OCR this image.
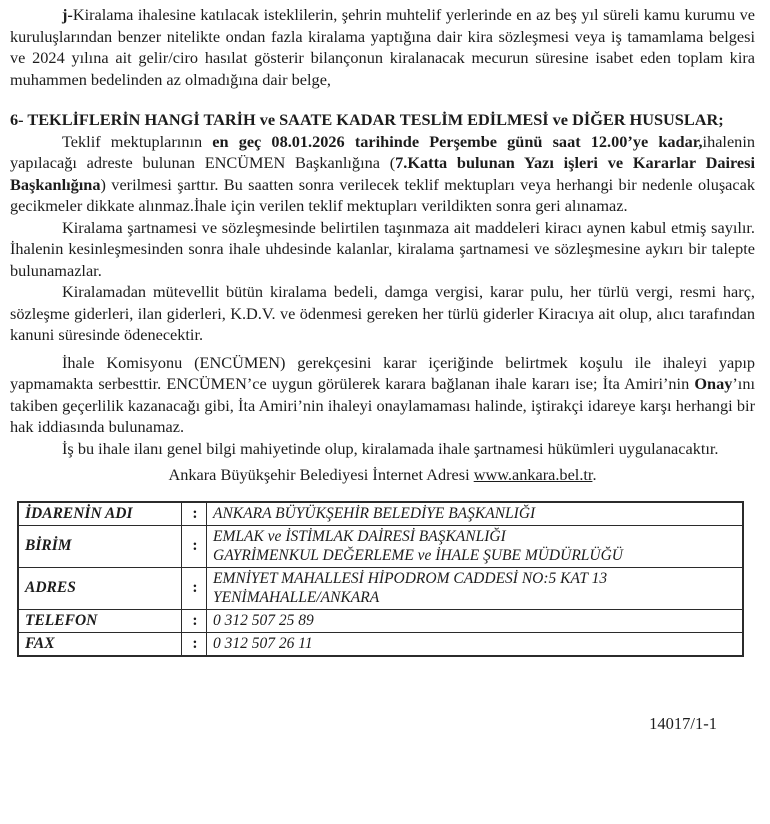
j-Kiralama ihalesine katılacak isteklilerin, şehrin muhtelif yerlerinde en az beş yıl süreli kamu kurumu ve kuruluşlarından benzer nitelikte ondan fazla kiralama yaptığına dair kira sözleşmesi veya iş tamamlama belgesi ve 2024 yılına ait gelir/ciro hasılat gösterir bilançonun kiralanacak mecurun süresine isabet eden toplam kira muhammen bedelinden az olmadığına dair belge,

6- TEKLİFLERİN HANGİ TARİH ve SAATE KADAR TESLİM EDİLMESİ ve DİĞER HUSUSLAR;

Teklif mektuplarının en geç 08.01.2026 tarihinde Perşembe günü saat 12.00’ye kadar,ihalenin yapılacağı adreste bulunan ENCÜMEN Başkanlığına (7.Katta bulunan Yazı işleri ve Kararlar Dairesi Başkanlığına) verilmesi şarttır. Bu saatten sonra verilecek teklif mektupları veya herhangi bir nedenle oluşacak gecikmeler dikkate alınmaz.İhale için verilen teklif mektupları verildikten sonra geri alınamaz.

Kiralama şartnamesi ve sözleşmesinde belirtilen taşınmaza ait maddeleri kiracı aynen kabul etmiş sayılır. İhalenin kesinleşmesinden sonra ihale uhdesinde kalanlar, kiralama şartnamesi ve sözleşmesine aykırı bir talepte bulunamazlar.

Kiralamadan mütevellit bütün kiralama bedeli, damga vergisi, karar pulu, her türlü vergi, resmi harç, sözleşme giderleri, ilan giderleri, K.D.V. ve ödenmesi gereken her türlü giderler Kiracıya ait olup, alıcı tarafından kanuni süresinde ödenecektir.

İhale Komisyonu (ENCÜMEN) gerekçesini karar içeriğinde belirtmek koşulu ile ihaleyi yapıp yapmamakta serbesttir. ENCÜMEN’ce uygun görülerek karara bağlanan ihale kararı ise; İta Amiri’nin Onay’ını takiben geçerlilik kazanacağı gibi, İta Amiri’nin ihaleyi onaylamaması halinde, iştirakçi idareye karşı herhangi bir hak iddiasında bulunamaz.

İş bu ihale ilanı genel bilgi mahiyetinde olup, kiralamada ihale şartnamesi hükümleri uygulanacaktır.

Ankara Büyükşehir Belediyesi İnternet Adresi www.ankara.bel.tr.

İDARENİN ADI	:	ANKARA BÜYÜKŞEHİR BELEDİYE BAŞKANLIĞI

BİRİM	:	EMLAK ve İSTİMLAK DAİRESİ BAŞKANLIĞI
GAYRİMENKUL DEĞERLEME ve İHALE ŞUBE MÜDÜRLÜĞÜ

ADRES	:	EMNİYET MAHALLESİ HİPODROM CADDESİ NO:5 KAT 13
YENİMAHALLE/ANKARA

TELEFON	:	0 312 507 25 89

FAX	:	0 312 507 26 11
14017/1-1
